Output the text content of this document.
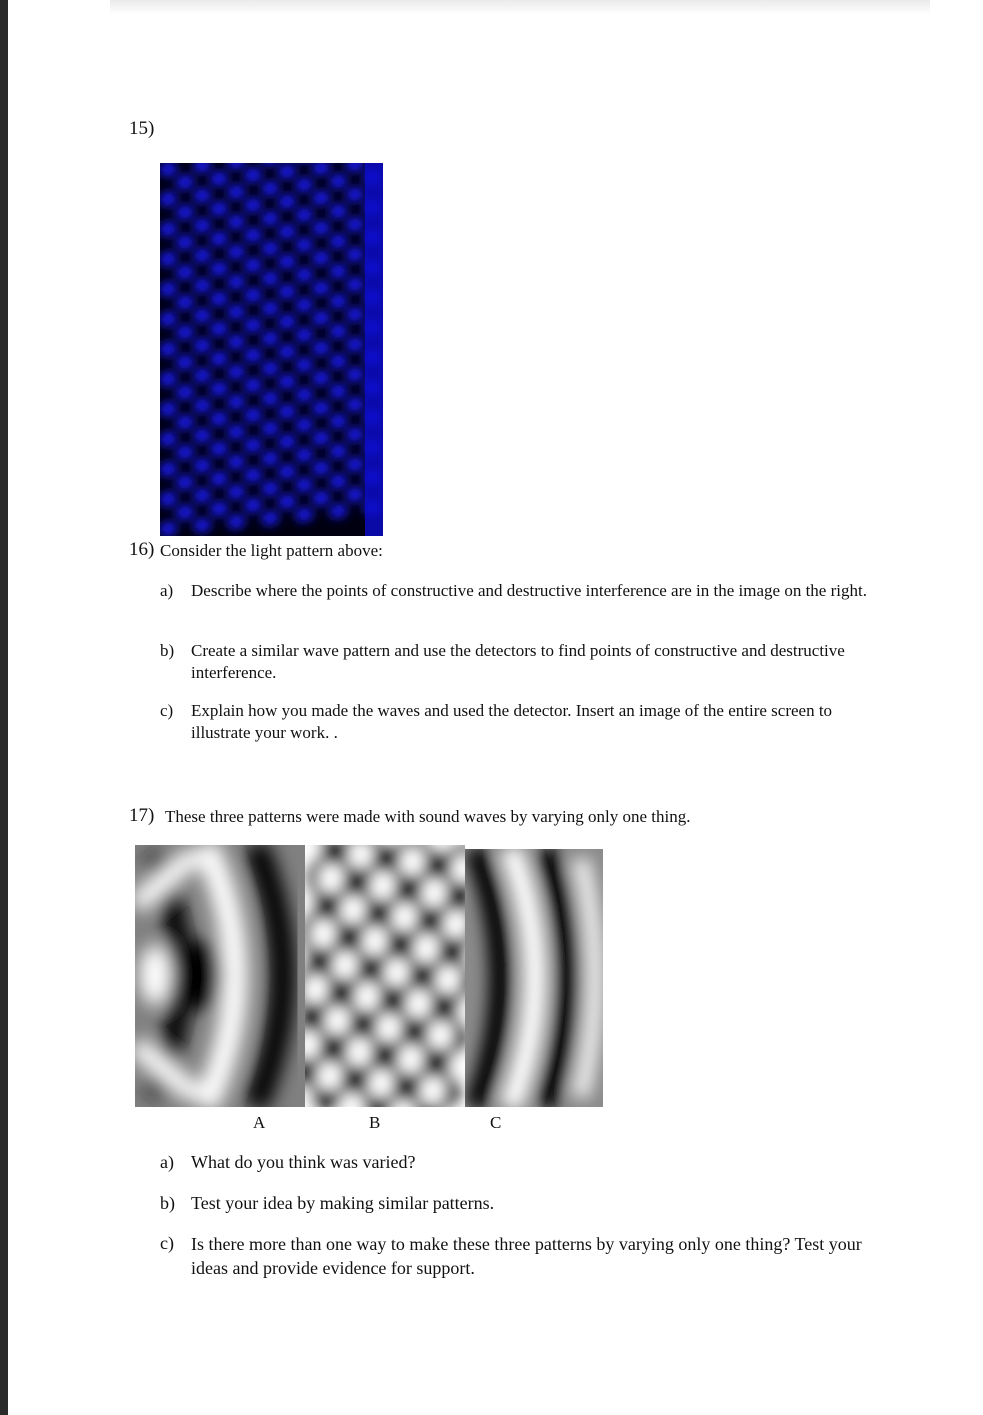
15)
16) Consider the light pattern above:
a) Describe where the points of constructive and destructive interference are in the image on the right.
b) Create a similar wave pattern and use the detectors to find points of constructive and destructive interference.
c) Explain how you made the waves and used the detector. Insert an image of the entire screen to illustrate your work. .
17) These three patterns were made with sound waves by varying only one thing.
A	B	C
a) What do you think was varied?
b) Test your idea by making similar patterns.
c) Is there more than one way to make these three patterns by varying only one thing? Test your ideas and provide evidence for support.
